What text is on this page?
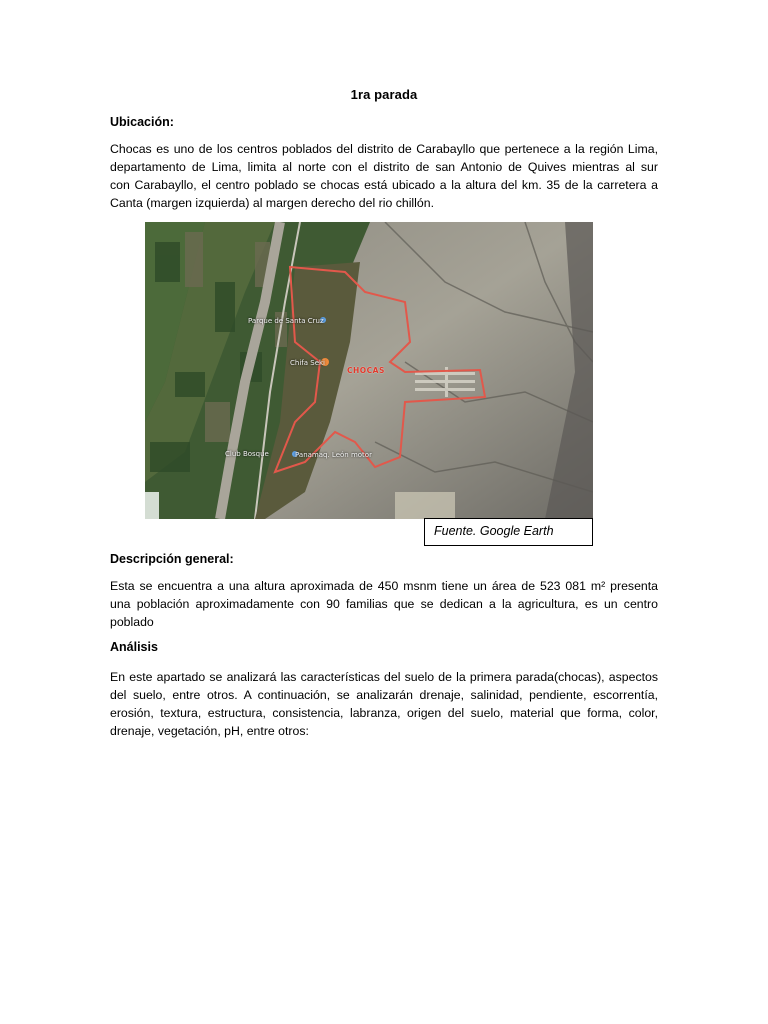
1ra parada
Ubicación:
Chocas es uno de los centros poblados del distrito de Carabayllo que pertenece a la región Lima,
departamento de Lima, limita al norte con el distrito de san Antonio de Quives mientras al sur
con Carabayllo, el centro poblado se chocas está ubicado a la altura del km. 35 de la carretera a
Canta (margen izquierda) al margen derecho del rio chillón.
Parque de Santa Cruz
Chifa Seki
CHOCAS
Club Bosque	Panamaq. León motor
Fuente. Google Earth
Descripción general:
Esta se encuentra a una altura aproximada de 450 msnm tiene un área de 523 081 m² presenta
una población aproximadamente con 90 familias que se dedican a la agricultura, es un centro
poblado
Análisis
En este apartado se analizará las características del suelo de la primera parada(chocas), aspectos
del suelo, entre otros. A continuación, se analizarán drenaje, salinidad, pendiente, escorrentía,
erosión, textura, estructura, consistencia, labranza, origen del suelo, material que forma, color,
drenaje, vegetación, pH, entre otros:
